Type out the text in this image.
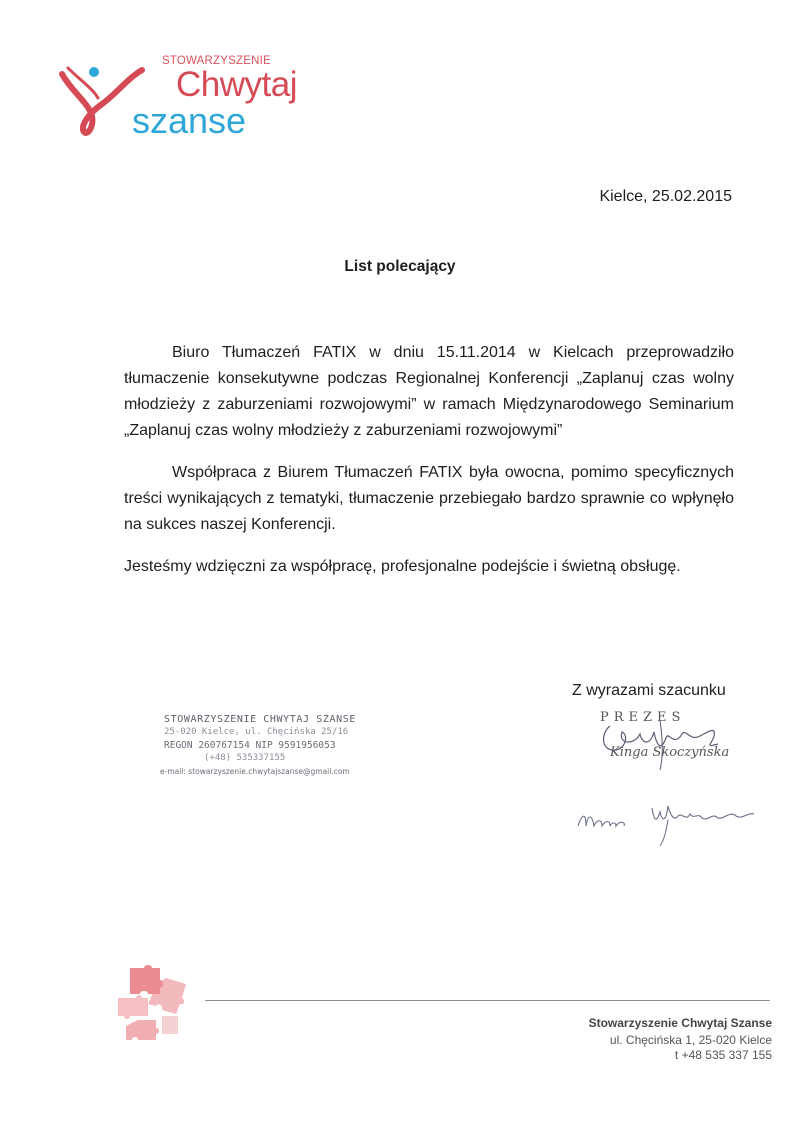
STOWARZYSZENIE
Chwytaj
szanse
Kielce, 25.02.2015
List polecający

Biuro Tłumaczeń FATIX w dniu 15.11.2014 w Kielcach przeprowadziło tłumaczenie konsekutywne podczas Regionalnej Konferencji „Zaplanuj czas wolny młodzieży z zaburzeniami rozwojowymi” w ramach Międzynarodowego Seminarium „Zaplanuj czas wolny młodzieży z zaburzeniami rozwojowymi”

Współpraca z Biurem Tłumaczeń FATIX była owocna, pomimo specyficznych treści wynikających z tematyki, tłumaczenie przebiegało bardzo sprawnie co wpłynęło na sukces naszej Konferencji.

Jesteśmy wdzięczni za współpracę, profesjonalne podejście i świetną obsługę.

Z wyrazami szacunku
STOWARZYSZENIE CHWYTAJ SZANSE
25-020 Kielce, ul. Chęcińska 25/16
REGON 260767154 NIP 9591956053
(+48) 535337155
e-mail: stowarzyszenie.chwytajszanse@gmail.com
PREZES
Kinga Skoczyńska
Stowarzyszenie Chwytaj Szanse
ul. Chęcińska 1, 25-020 Kielce
t +48 535 337 155
